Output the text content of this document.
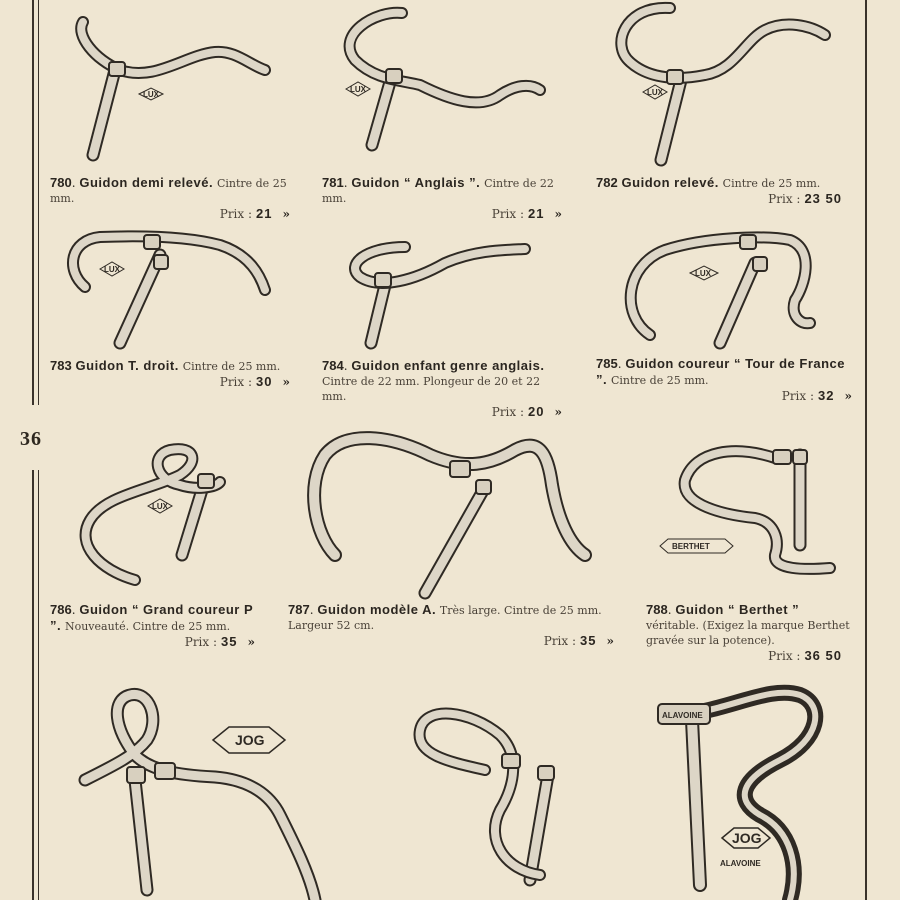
36
LUX
780. Guidon demi relevé. Cintre de 25 mm.
Prix : 21 »
LUX
781. Guidon “ Anglais ”. Cintre de 22 mm.
Prix : 21 »
LUX
782 Guidon relevé. Cintre de 25 mm.
Prix : 23 50
LUX
783 Guidon T. droit. Cintre de 25 mm.
Prix : 30 »
784. Guidon enfant genre anglais. Cintre de 22 mm. Plongeur de 20 et 22 mm.
Prix : 20 »
LUX
785. Guidon coureur “ Tour de France ”. Cintre de 25 mm.
Prix : 32 »
LUX
786. Guidon “ Grand coureur P ”. Nouveauté. Cintre de 25 mm.
Prix : 35 »
787. Guidon modèle A. Très large. Cintre de 25 mm. Largeur 52 cm.
Prix : 35 »
BERTHET
788. Guidon “ Berthet ” véritable. (Exigez la marque Berthet gravée sur la potence).
Prix : 36 50
JOG
ALAVOINE
JOG
ALAVOINE
